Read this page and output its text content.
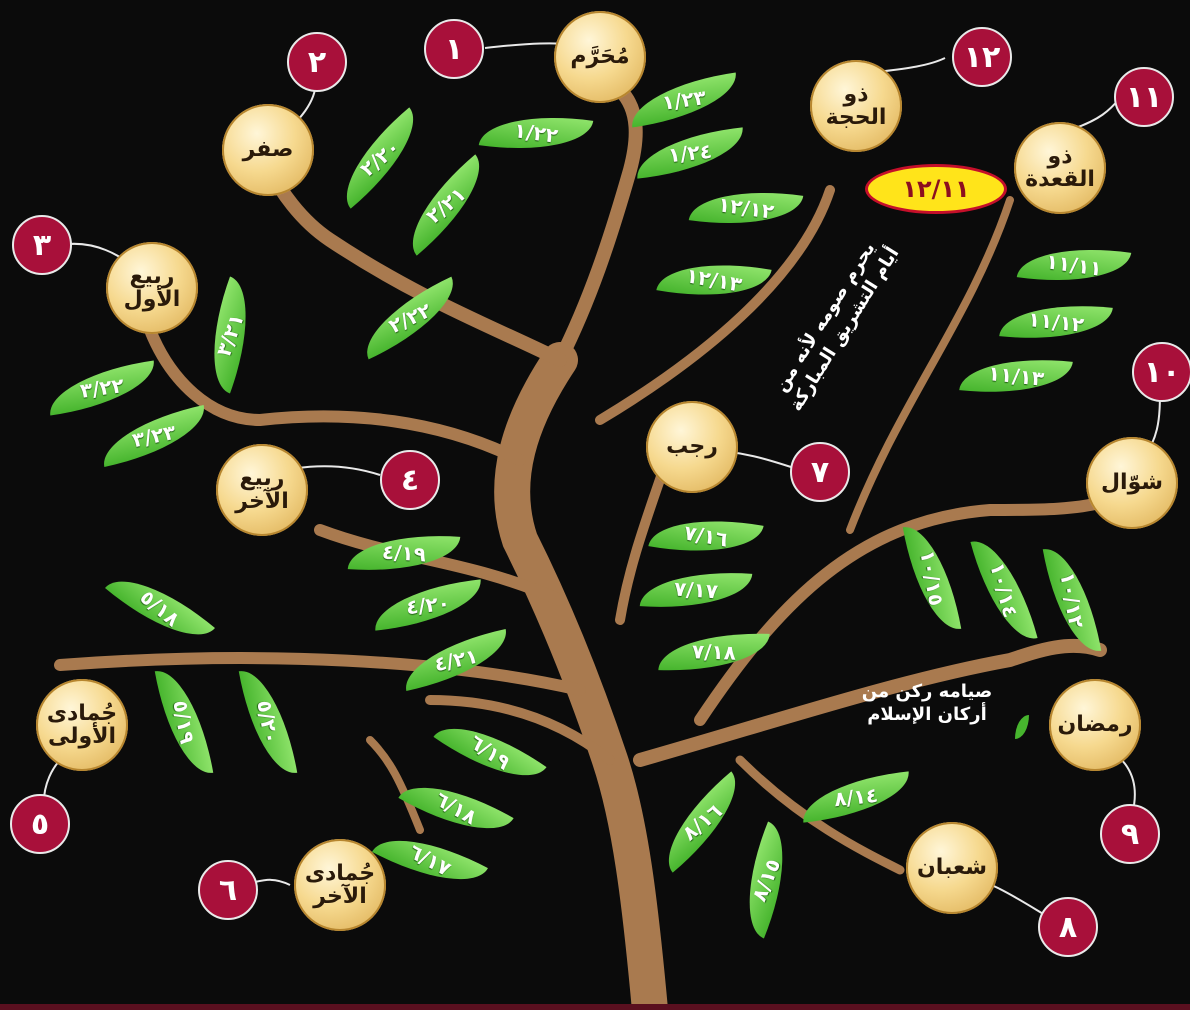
مُحَرَّم
صفر
ربيع
الأول
ربيع
الآخر
جُمادى
الأولى
جُمادى
الآخر
رجب
شعبان
رمضان
شوّال
ذو
القعدة
ذو
الحجة
١
٢
٣
٤
٥
٦
٧
٨
٩
١٠
١١
١٢
١/٢٢
١/٢٣
١/٢٤
٢/٢٠
٢/٢١
٢/٢٢
٣/٢١
٣/٢٢
٣/٢٣
٤/١٩
٤/٢٠
٤/٢١
٥/١٨
٥/١٩	٥/٢٠
٦/١٩
٦/١٨
٦/١٧
٧/١٦
٧/١٧
٧/١٨
٨/١٤
٨/١٦
٨/١٥
١٠/١٢
١٠/١٤
١٠/١٥
١١/١١
١١/١٢
١١/١٣
١٢/١٢
١٢/١٣
١٢/١١
يحرم صومه لأنه من
أيام التشريق المباركة
صيامه ركن من
أركان الإسلام
